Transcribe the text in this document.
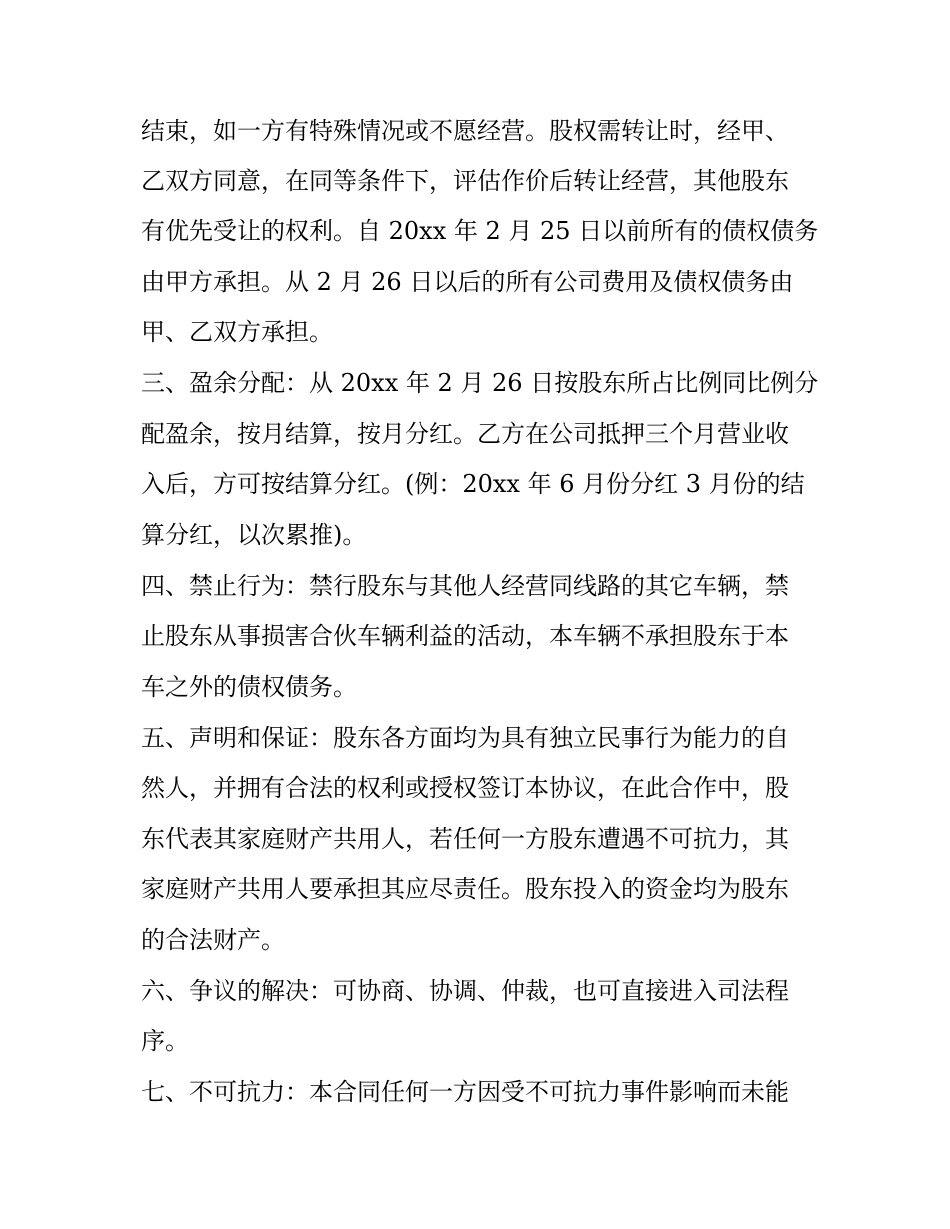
结束，如一方有特殊情况或不愿经营。股权需转让时，经甲、
乙双方同意，在同等条件下，评估作价后转让经营，其他股东
有优先受让的权利。自 20xx 年 2 月 25 日以前所有的债权债务
由甲方承担。从 2 月 26 日以后的所有公司费用及债权债务由
甲、乙双方承担。
三、盈余分配：从 20xx 年 2 月 26 日按股东所占比例同比例分
配盈余，按月结算，按月分红。乙方在公司抵押三个月营业收
入后，方可按结算分红。(例：20xx 年 6 月份分红 3 月份的结
算分红，以次累推)。
四、禁止行为：禁行股东与其他人经营同线路的其它车辆，禁
止股东从事损害合伙车辆利益的活动，本车辆不承担股东于本
车之外的债权债务。
五、声明和保证：股东各方面均为具有独立民事行为能力的自
然人，并拥有合法的权利或授权签订本协议，在此合作中，股
东代表其家庭财产共用人，若任何一方股东遭遇不可抗力，其
家庭财产共用人要承担其应尽责任。股东投入的资金均为股东
的合法财产。
六、争议的解决：可协商、协调、仲裁，也可直接进入司法程
序。
七、不可抗力：本合同任何一方因受不可抗力事件影响而未能
